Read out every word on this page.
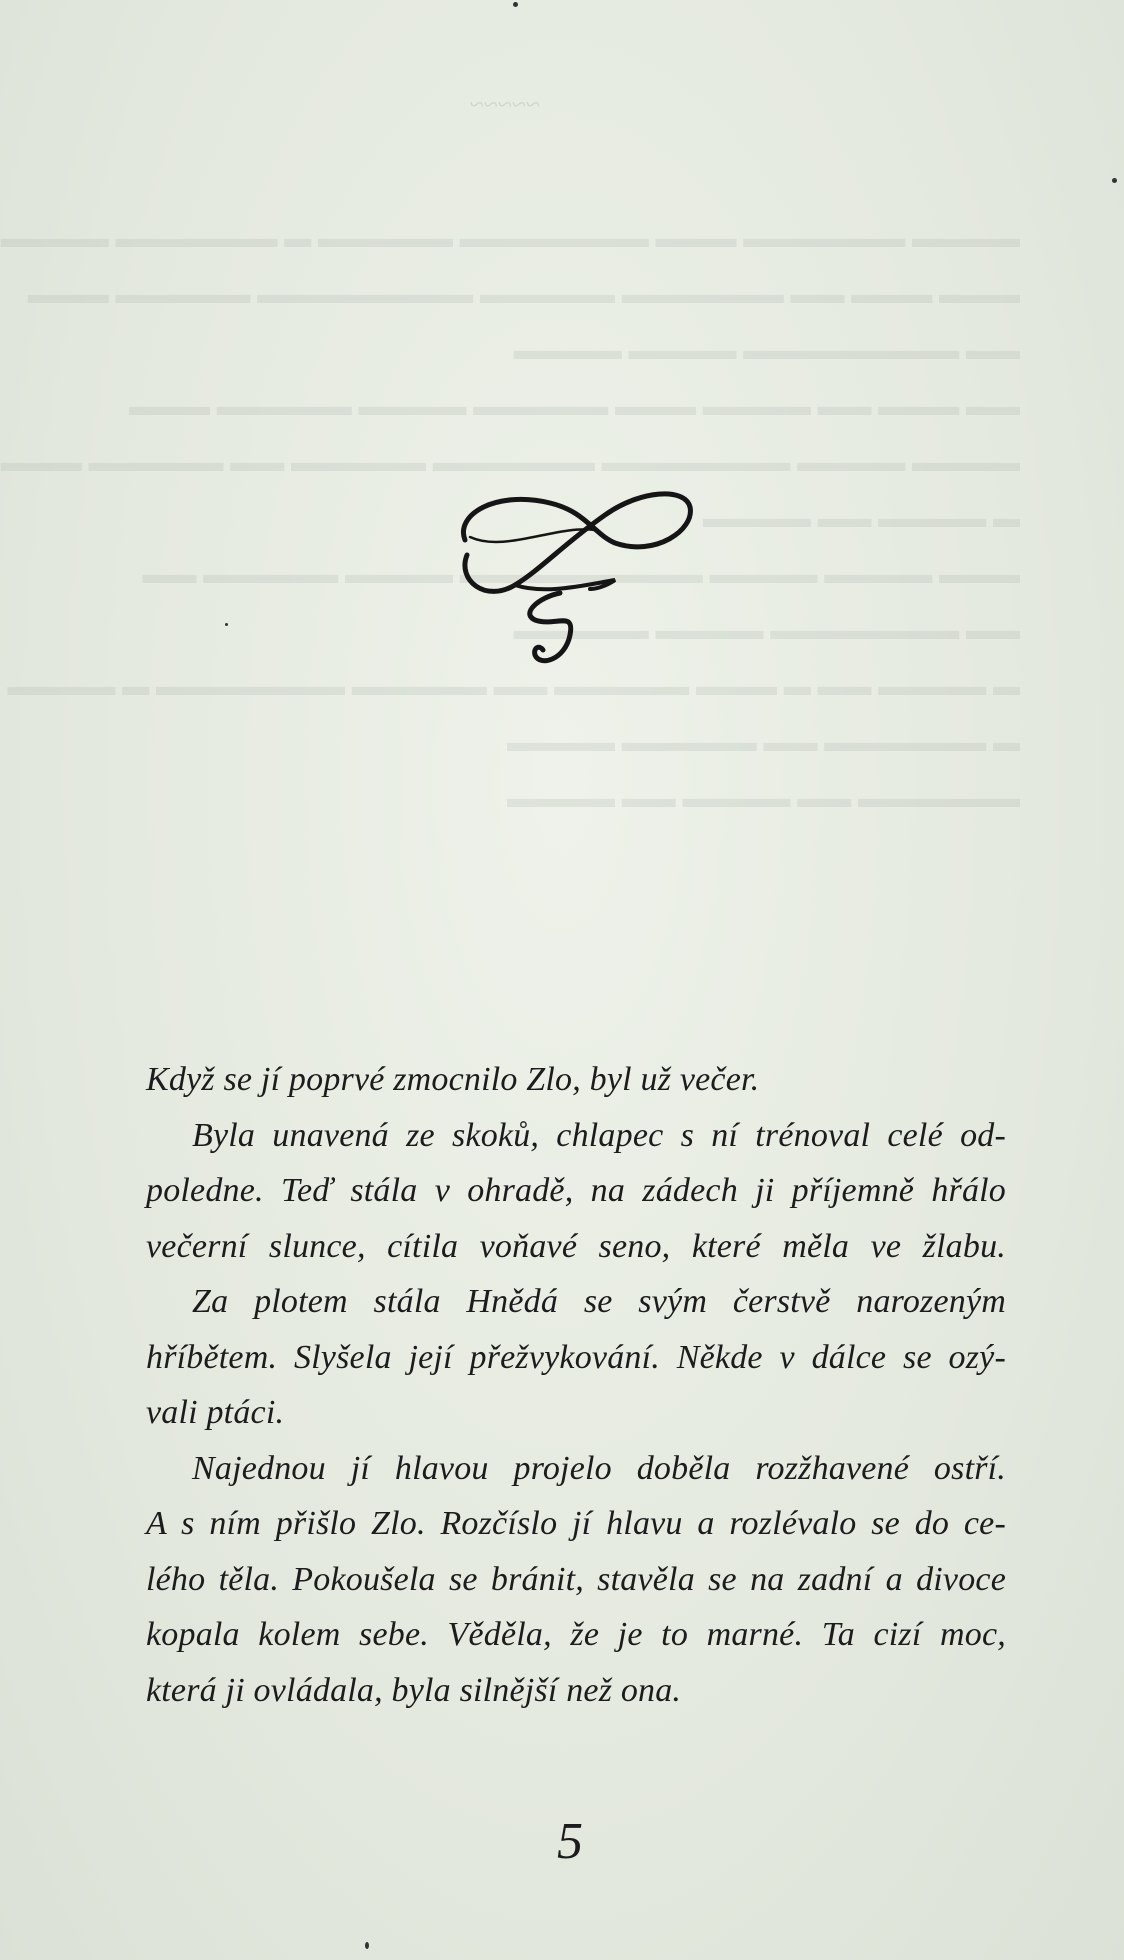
~~~~~
▬▬▬▬ ▬▬▬▬▬▬ ▬▬▬ ▬▬▬▬▬▬▬ ▬▬▬▬▬ ▬ ▬▬▬▬▬▬ ▬▬▬▬
▬▬▬ ▬▬▬ ▬▬ ▬▬▬▬▬▬ ▬▬▬▬▬ ▬▬▬▬▬▬▬▬ ▬▬▬▬▬ ▬▬▬
▬▬ ▬▬▬▬▬▬▬▬ ▬▬▬▬ ▬▬▬▬
▬▬ ▬▬▬ ▬▬ ▬▬▬▬ ▬▬▬ ▬▬▬▬▬ ▬▬▬▬ ▬▬▬▬▬ ▬▬▬
▬▬▬▬ ▬▬▬▬ ▬▬▬▬▬▬▬ ▬▬▬▬▬▬ ▬▬▬▬▬ ▬▬ ▬▬▬▬▬ ▬▬▬
▬ ▬▬▬▬ ▬▬ ▬▬▬▬
▬▬▬ ▬▬▬▬ ▬▬▬▬ ▬▬▬▬▬▬▬▬▬ ▬▬▬▬ ▬▬▬▬▬ ▬▬
▬▬ ▬▬▬▬▬▬▬ ▬▬▬▬ ▬▬▬▬▬
▬ ▬▬▬▬ ▬▬ ▬ ▬▬▬ ▬▬▬▬▬ ▬▬ ▬▬▬▬▬ ▬▬▬▬▬▬▬ ▬ ▬▬▬▬
▬ ▬▬▬▬▬▬ ▬▬ ▬▬▬▬▬ ▬▬▬▬
▬▬▬▬▬▬ ▬▬ ▬▬▬▬ ▬▬ ▬▬▬▬
Když se jí poprvé zmocnilo Zlo, byl už večer.
Byla unavená ze skoků, chlapec s ní trénoval celé od-
poledne. Teď stála v ohradě, na zádech ji příjemně hřálo
večerní slunce, cítila voňavé seno, které měla ve žlabu.
Za plotem stála Hnědá se svým čerstvě narozeným
hříbětem. Slyšela její přežvykování. Někde v dálce se ozý-
vali ptáci.
Najednou jí hlavou projelo doběla rozžhavené ostří.
A s ním přišlo Zlo. Rozčíslo jí hlavu a rozlévalo se do ce-
lého těla. Pokoušela se bránit, stavěla se na zadní a divoce
kopala kolem sebe. Věděla, že je to marné. Ta cizí moc,
která ji ovládala, byla silnější než ona.
5
